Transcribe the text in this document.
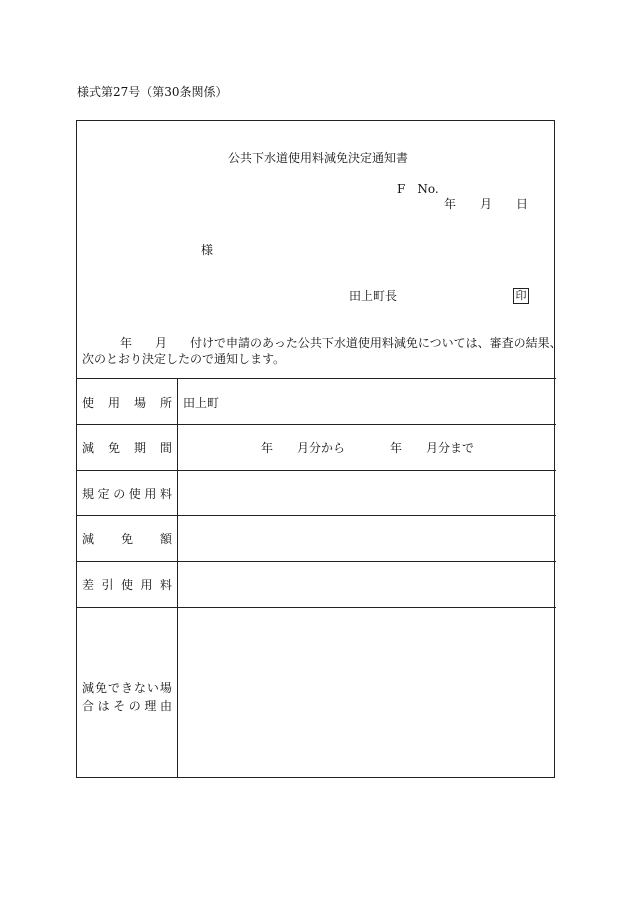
様式第27号（第30条関係）
公共下水道使用料減免決定通知書
F　No.
年 月 日
様
田上町長	印
年 月 付けで申請のあった公共下水道使用料減免については、審査の結果、
次のとおり決定したので通知します。
使 用 場 所 田上町
減 免 期 間	年　　月分から	年　　月分まで
規 定 の 使 用 料
減 免 額
差 引 使 用 料
減 免 で き な い 場
合 は そ の 理 由
